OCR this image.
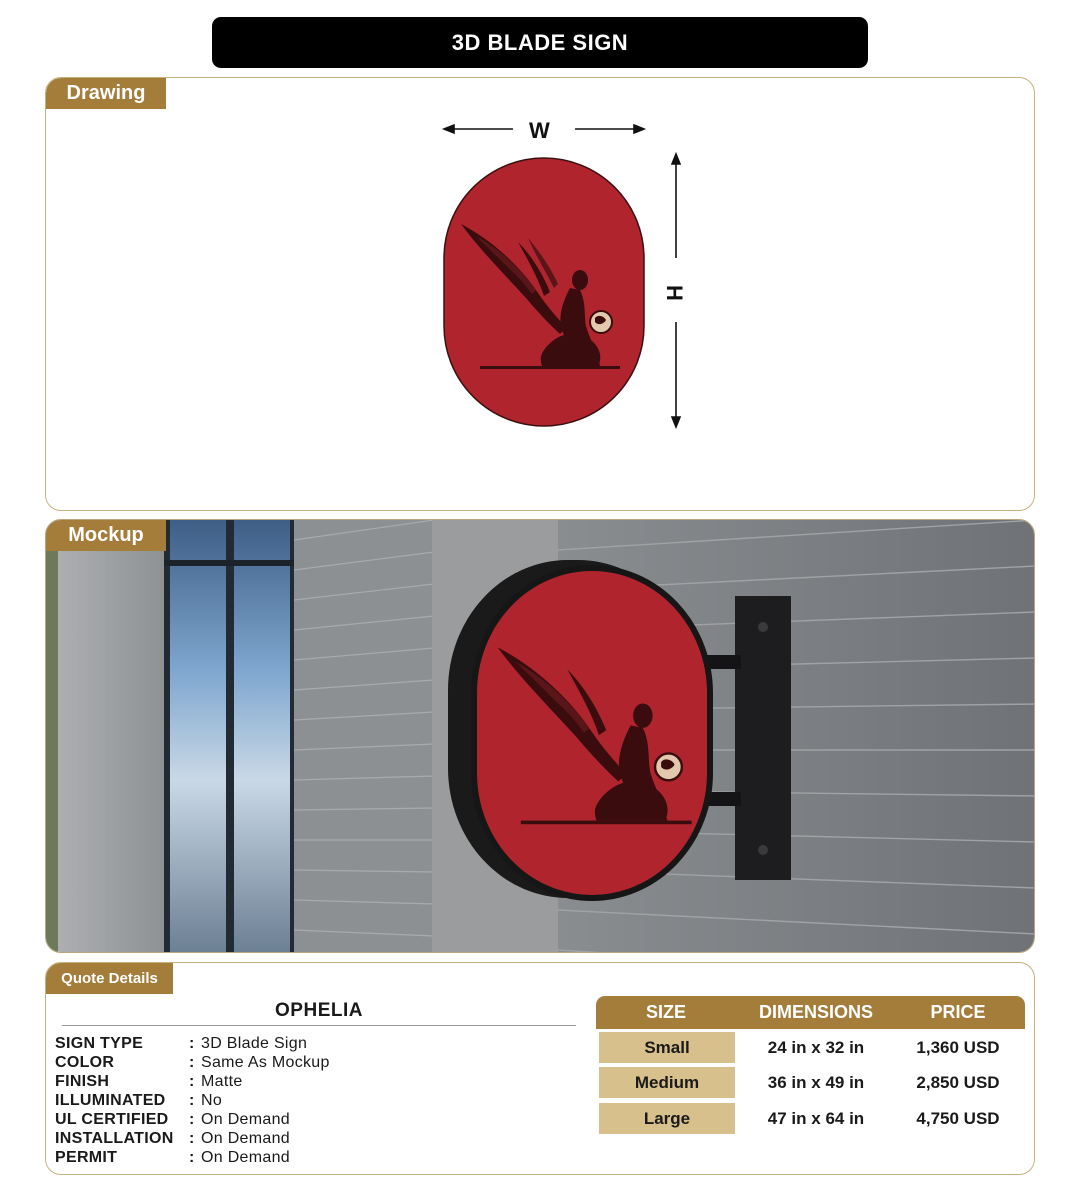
3D BLADE SIGN
Drawing
W
H
Mockup
Quote Details
OPHELIA
SIGN TYPE	: 3D Blade Sign
COLOR	: Same As Mockup
FINISH	: Matte
ILLUMINATED	: No
UL CERTIFIED	: On Demand
INSTALLATION : On Demand
PERMIT	: On Demand
SIZE	DIMENSIONS	PRICE
Small	24 in x 32 in	1,360 USD
Medium	36 in x 49 in	2,850 USD
Large	47 in x 64 in	4,750 USD
